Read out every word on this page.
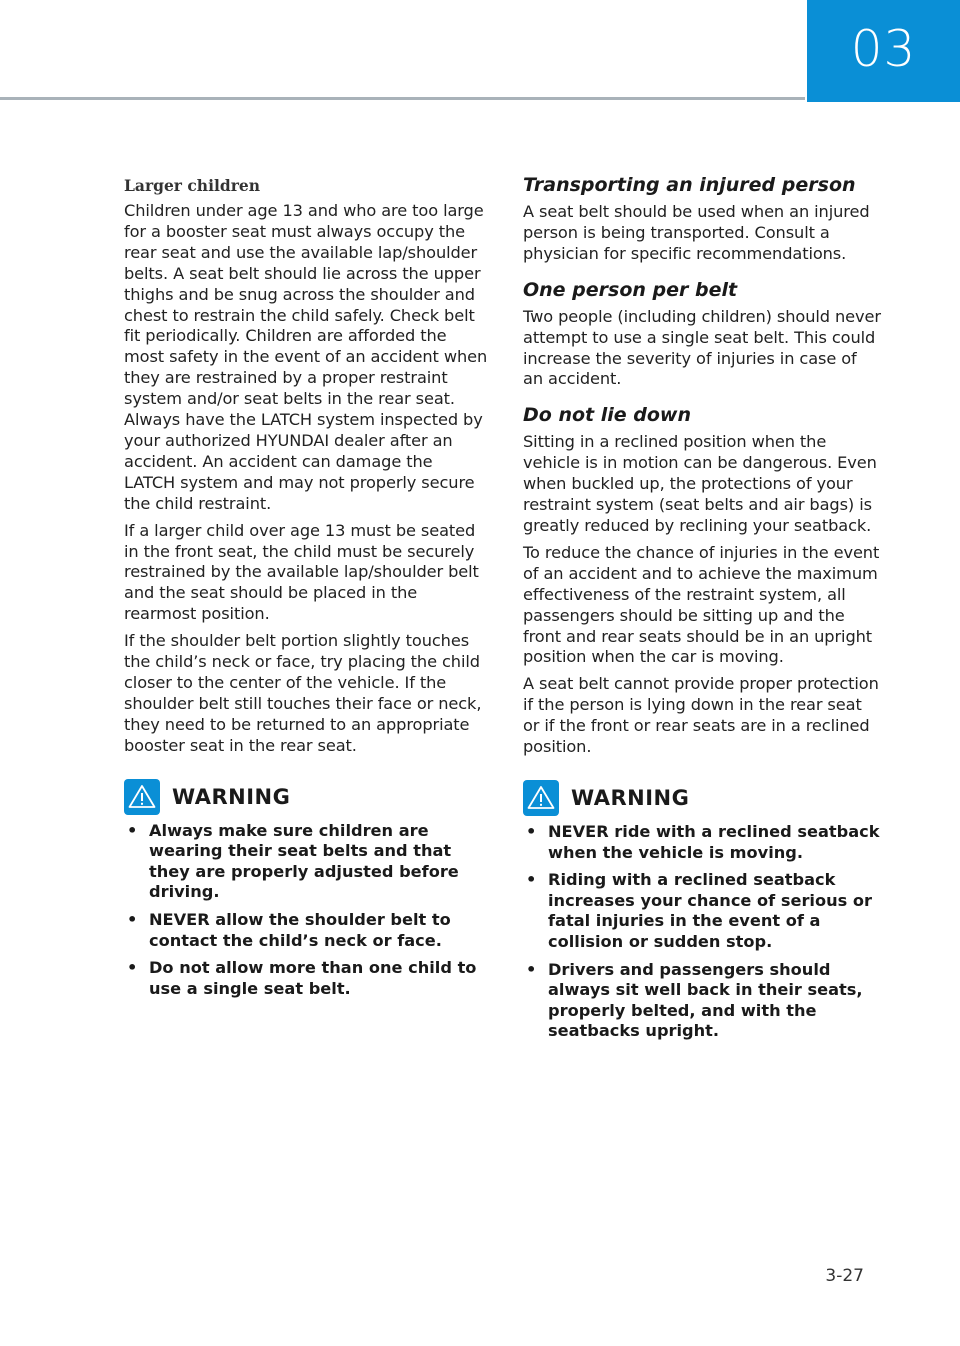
03
Larger children

Children under age 13 and who are too large for a booster seat must always occupy the rear seat and use the available lap/shoulder belts. A seat belt should lie across the upper thighs and be snug across the shoulder and chest to restrain the child safely. Check belt fit periodically. Children are afforded the most safety in the event of an accident when they are restrained by a proper restraint system and/or seat belts in the rear seat. Always have the LATCH system inspected by your authorized HYUNDAI dealer after an accident. An accident can damage the LATCH system and may not properly secure the child restraint.

If a larger child over age 13 must be seated in the front seat, the child must be securely restrained by the available lap/shoulder belt and the seat should be placed in the rearmost position.

If the shoulder belt portion slightly touches the child’s neck or face, try placing the child closer to the center of the vehicle. If the shoulder belt still touches their face or neck, they need to be returned to an appropriate booster seat in the rear seat.

WARNING
• Always make sure children are wearing their seat belts and that they are properly adjusted before driving.
• NEVER allow the shoulder belt to contact the child’s neck or face.
• Do not allow more than one child to use a single seat belt.
Transporting an injured person

A seat belt should be used when an injured person is being transported. Consult a physician for specific recommendations.

One person per belt

Two people (including children) should never attempt to use a single seat belt. This could increase the severity of injuries in case of an accident.

Do not lie down

Sitting in a reclined position when the vehicle is in motion can be dangerous. Even when buckled up, the protections of your restraint system (seat belts and air bags) is greatly reduced by reclining your seatback.

To reduce the chance of injuries in the event of an accident and to achieve the maximum effectiveness of the restraint system, all passengers should be sitting up and the front and rear seats should be in an upright position when the car is moving.

A seat belt cannot provide proper protection if the person is lying down in the rear seat or if the front or rear seats are in a reclined position.

WARNING
• NEVER ride with a reclined seatback when the vehicle is moving.
• Riding with a reclined seatback increases your chance of serious or fatal injuries in the event of a collision or sudden stop.
• Drivers and passengers should always sit well back in their seats, properly belted, and with the seatbacks upright.
3-27
